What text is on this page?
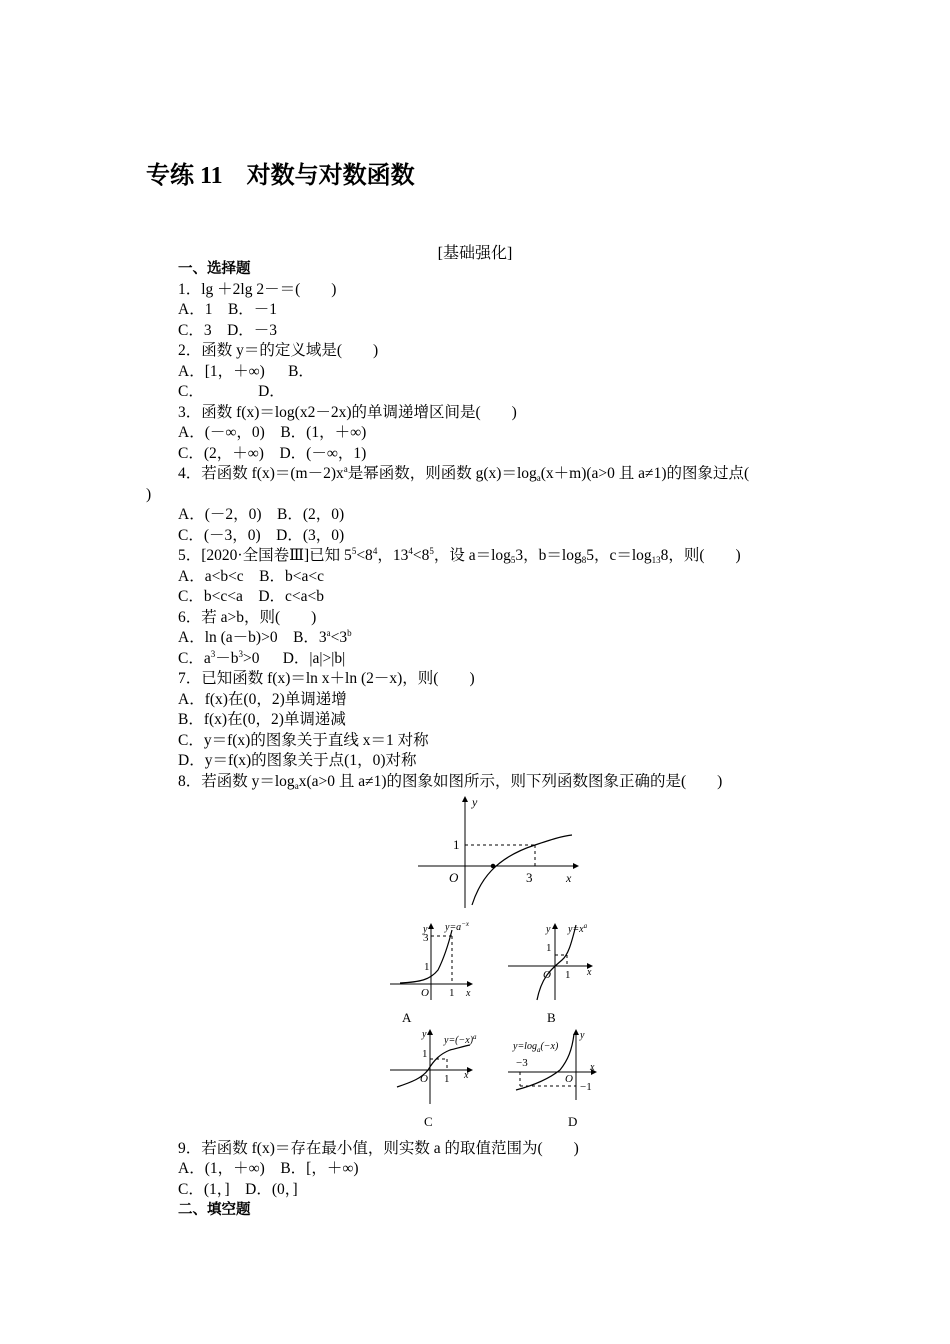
专练 11    对数与对数函数
[基础强化]
一、选择题
1．lg ＋2lg 2－＝(        )
A．1    B．－1
C．3    D．－3
2．函数 y＝的定义域是(        )
A．[1，＋∞)      B．
C．              D．
3．函数 f(x)＝log(x2－2x)的单调递增区间是(        )
A．(－∞，0)    B．(1，＋∞)
C．(2，＋∞)    D．(－∞，1)
4．若函数 $f(x)=(m-2)x^a$是幂函数，则函数 $g(x)=\log_a(x+m)(a>0$ 且 a≠1)的图象过点(
)
A．(－2，0)    B．(2，0)
C．(－3，0)    D．(3，0)
5．[2020·全国卷Ⅲ]已知 $5^5<8^4$，$13^4<8^5$，设 $a=\log_53$，$b=\log_85$，$c=\log_{13}8$，则(        )
A．a<b<c    B．b<a<c
C．b<c<a    D．c<a<b
6．若 a>b，则(        )
A．ln (a－b)>0    B．$3^a<3^b$
C．$a^3-b^3>0$      D．|a|>|b|
7．已知函数 f(x)＝ln x＋ln (2－x)，则(        )
A．f(x)在(0，2)单调递增
B．f(x)在(0，2)单调递减
C．y＝f(x)的图象关于直线 x＝1 对称
D．y＝f(x)的图象关于点(1，0)对称
8．若函数 $y=\log_ax(a>0$ 且 a≠1)的图象如图所示，则下列函数图象正确的是(        )
y
x
O
1
3
y $y=a^{-x}$
3
1
O 1 x
A
y $y=x^a$
1
O 1 x
B
y
$y=(-x)^a$
1
O 1 x
C
$y=\log_a(-x)$
y
−3
O
−1
x
D
9．若函数 f(x)＝存在最小值，则实数 a 的取值范围为(        )
A．(1，＋∞)    B．[，＋∞)
C．(1，]    D．(0，]
二、填空题
